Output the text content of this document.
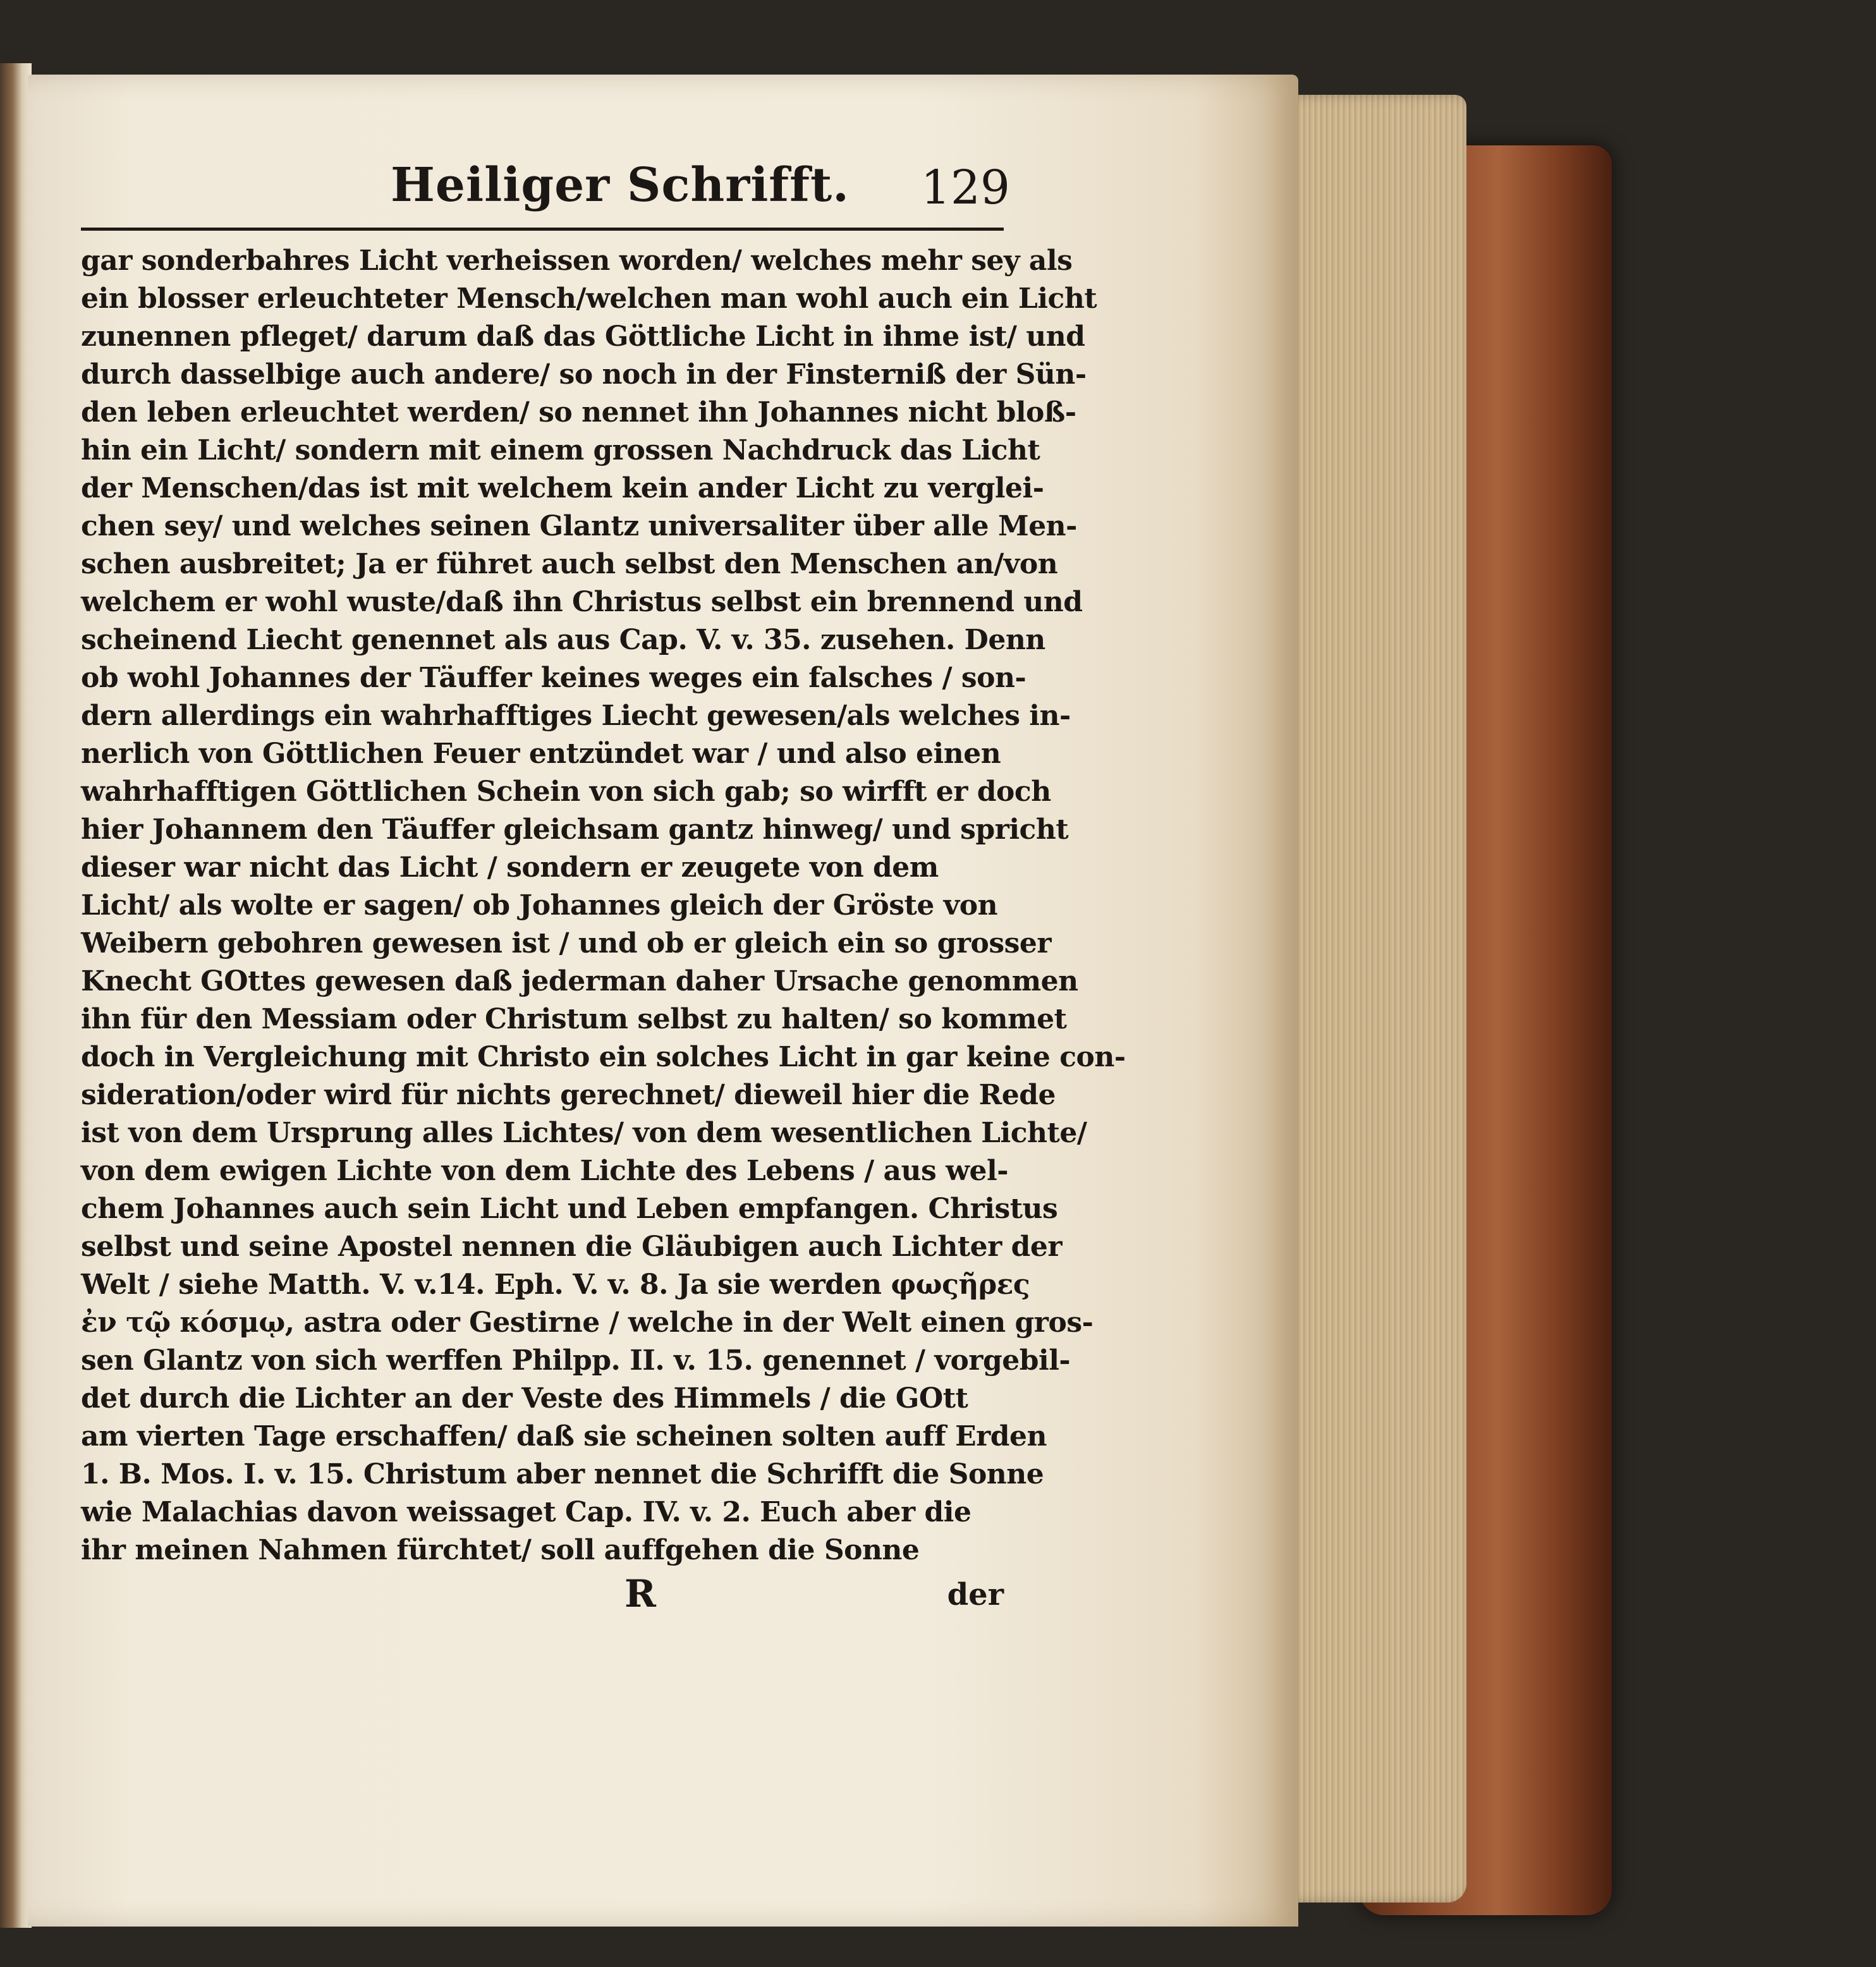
Heiliger Schrifft. 129
gar sonderbahres Licht verheissen worden/ welches mehr sey als
ein blosser erleuchteter Mensch/welchen man wohl auch ein Licht
zunennen pfleget/ darum daß das Göttliche Licht in ihme ist/ und
durch dasselbige auch andere/ so noch in der Finsterniß der Sün-
den leben erleuchtet werden/ so nennet ihn Johannes nicht bloß-
hin ein Licht/ sondern mit einem grossen Nachdruck das Licht
der Menschen/das ist mit welchem kein ander Licht zu verglei-
chen sey/ und welches seinen Glantz universaliter über alle Men-
schen ausbreitet; Ja er führet auch selbst den Menschen an/von
welchem er wohl wuste/daß ihn Christus selbst ein brennend und
scheinend Liecht genennet als aus Cap. V. v. 35. zusehen. Denn
ob wohl Johannes der Täuffer keines weges ein falsches / son-
dern allerdings ein wahrhafftiges Liecht gewesen/als welches in-
nerlich von Göttlichen Feuer entzündet war / und also einen
wahrhafftigen Göttlichen Schein von sich gab; so wirfft er doch
hier Johannem den Täuffer gleichsam gantz hinweg/ und spricht
dieser war nicht das Licht / sondern er zeugete von dem
Licht/ als wolte er sagen/ ob Johannes gleich der Gröste von
Weibern gebohren gewesen ist / und ob er gleich ein so grosser
Knecht GOttes gewesen daß jederman daher Ursache genommen
ihn für den Messiam oder Christum selbst zu halten/ so kommet
doch in Vergleichung mit Christo ein solches Licht in gar keine con-
sideration/oder wird für nichts gerechnet/ dieweil hier die Rede
ist von dem Ursprung alles Lichtes/ von dem wesentlichen Lichte/
von dem ewigen Lichte von dem Lichte des Lebens / aus wel-
chem Johannes auch sein Licht und Leben empfangen. Christus
selbst und seine Apostel nennen die Gläubigen auch Lichter der
Welt / siehe Matth. V. v.14. Eph. V. v. 8. Ja sie werden φωςῆρες
ἐν τῷ κόσμῳ, astra oder Gestirne / welche in der Welt einen gros-
sen Glantz von sich werffen Philpp. II. v. 15. genennet / vorgebil-
det durch die Lichter an der Veste des Himmels / die GOtt
am vierten Tage erschaffen/ daß sie scheinen solten auff Erden
1. B. Mos. I. v. 15. Christum aber nennet die Schrifft die Sonne
wie Malachias davon weissaget Cap. IV. v. 2. Euch aber die
ihr meinen Nahmen fürchtet/ soll auffgehen die Sonne
R	der
